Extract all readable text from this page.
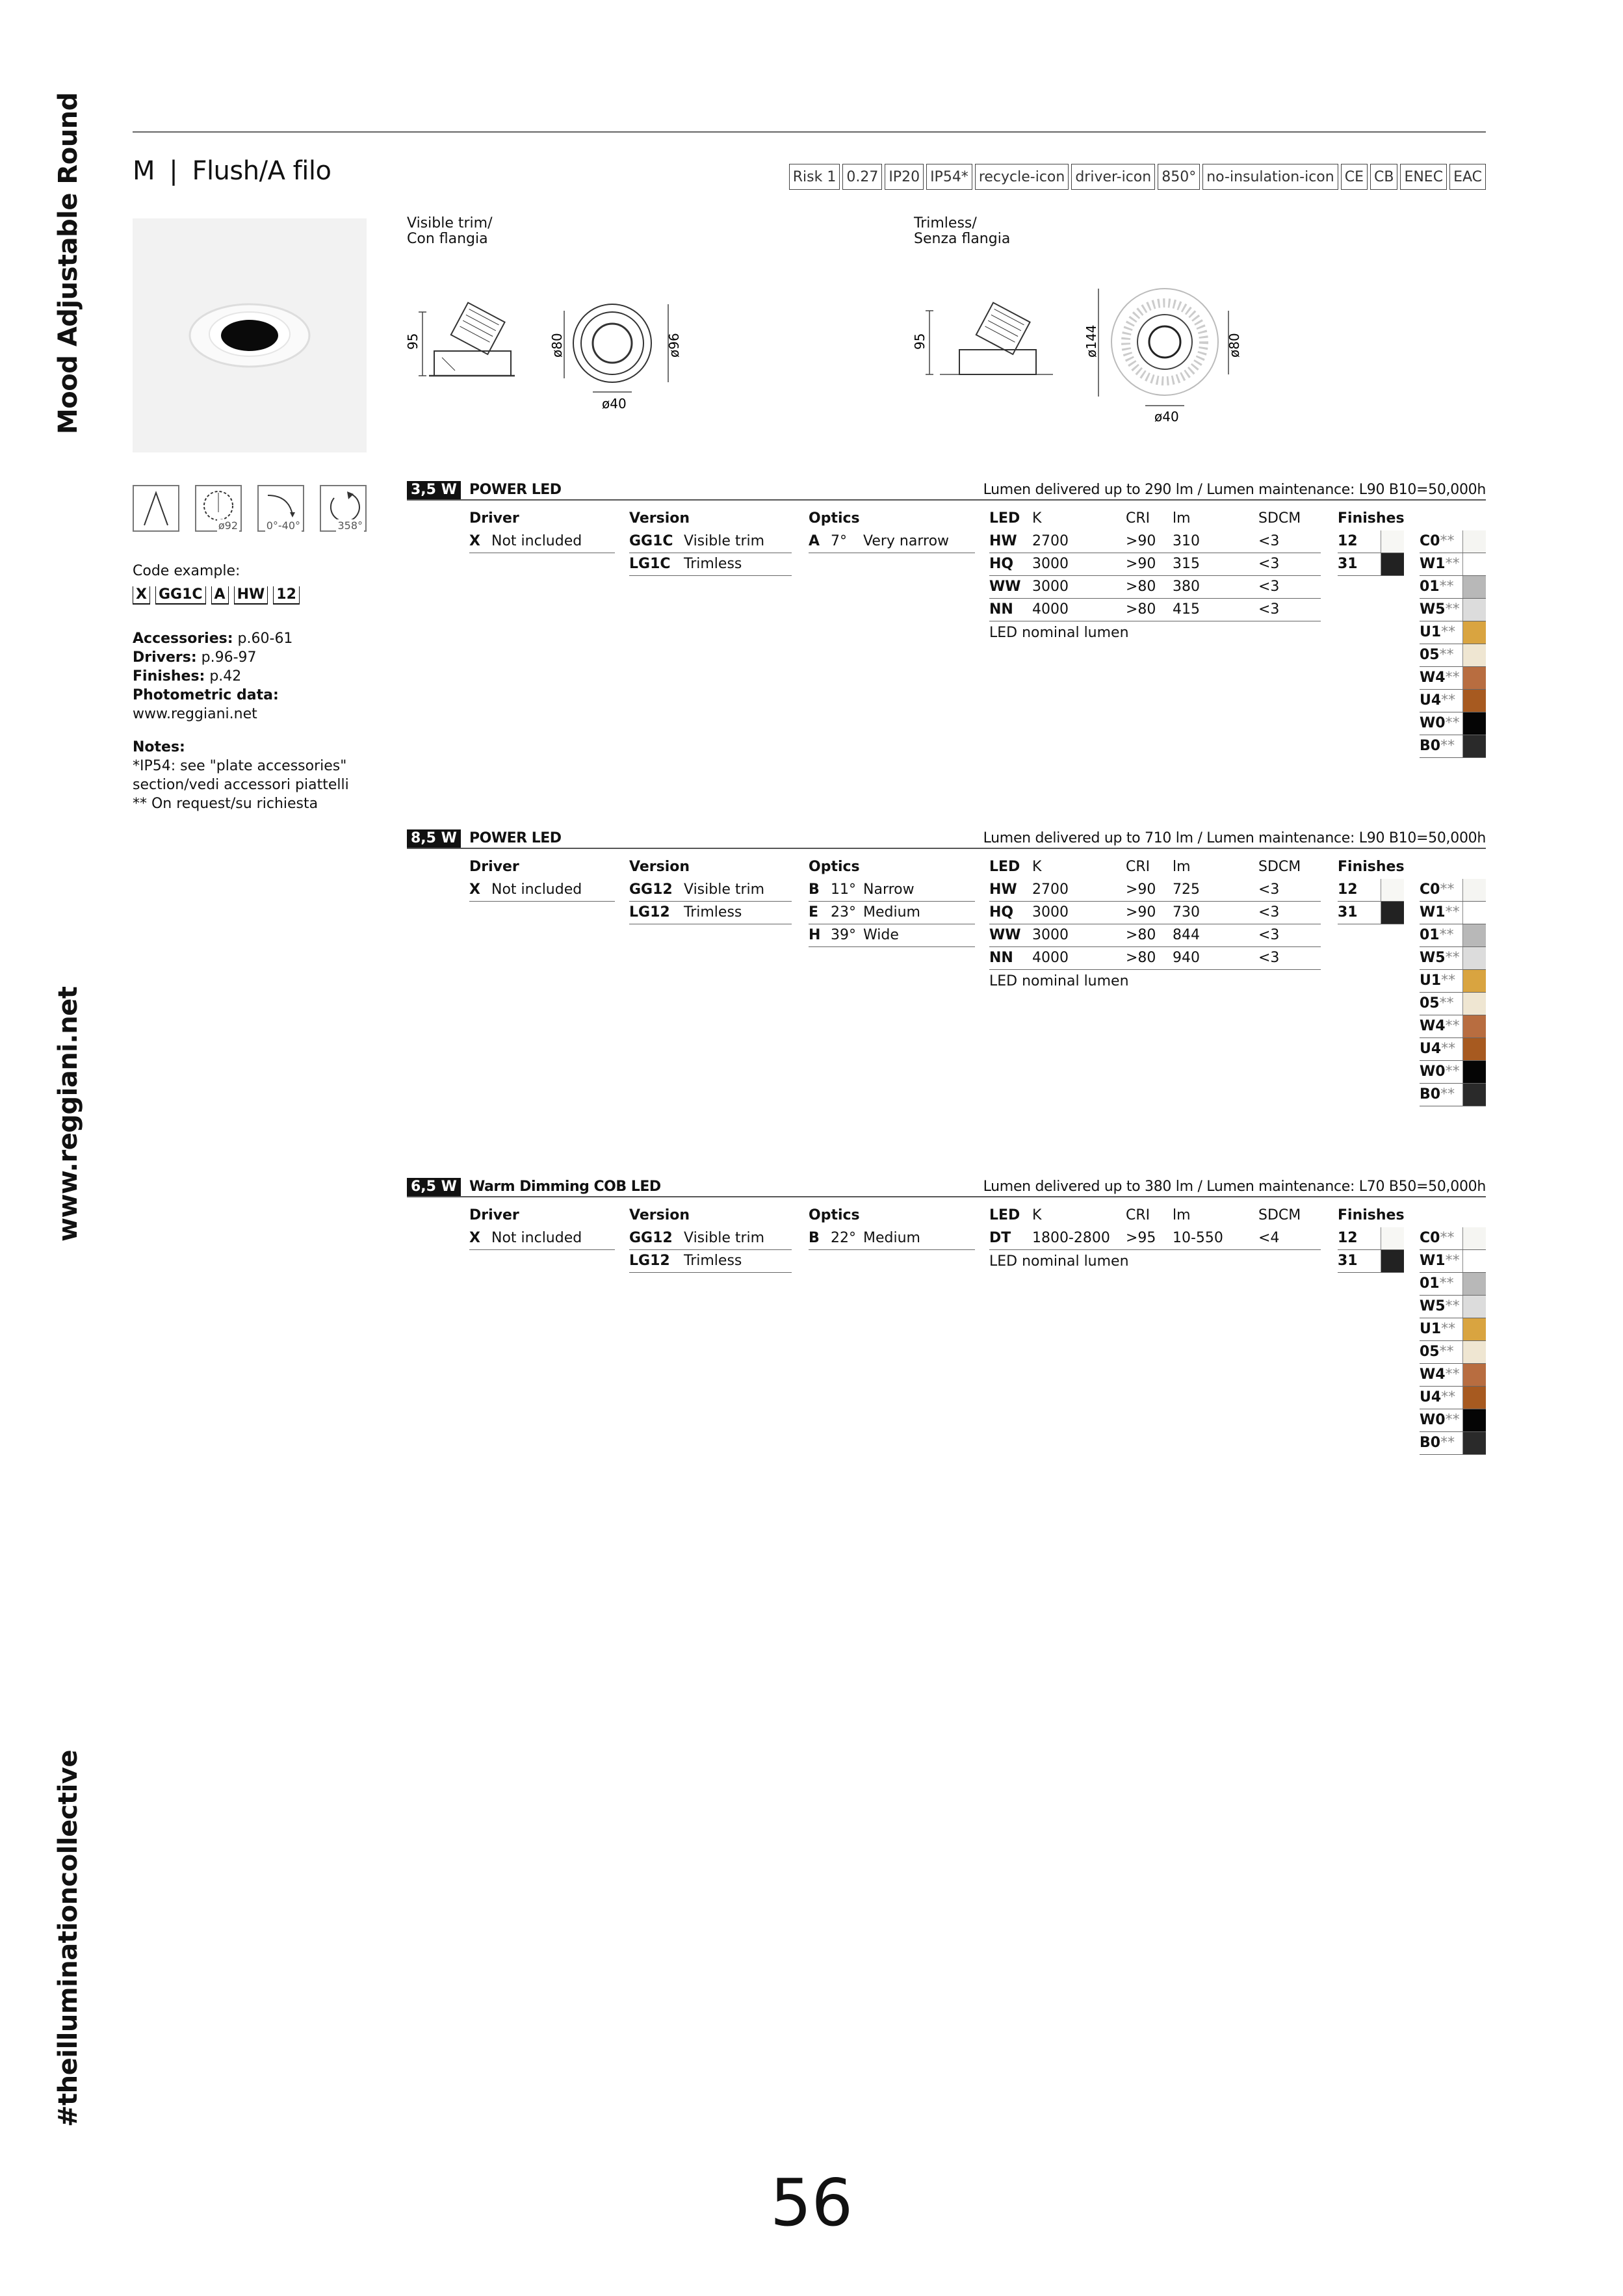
Mood Adjustable Round
www.reggiani.net
#theilluminationcollective
M | Flush/A filo	Risk 1 0.27 IP20 IP54* recycle-icon driver-icon 850° no-insulation-icon CE CB ENEC EAC
Visible trim/
Con flangia
Trimless/
Senza flangia
95	ø80	ø96
ø40
95	ø144	ø80
ø40
ø92	0°-40°	358°
Code example:
X GG1C A HW 12
Accessories: p.60-61
Drivers: p.96-97
Finishes: p.42
Photometric data:
www.reggiani.net
Notes:
*IP54: see "plate accessories"
section/vedi accessori piattelli
** On request/su richiesta
3,5 W POWER LED	Lumen delivered up to 290 lm / Lumen maintenance: L90 B10=50,000h
Driver
X Not included
Version
GG1C Visible trim
LG1C Trimless
Optics
A 7°	Very narrow
LED K	CRI	lm	SDCM
HW	2700	>90	310	<3
HQ	3000	>90	315	<3
WW 3000	>80	380	<3
NN	4000	>80	415	<3
LED nominal lumen
Finishes
12
31
C0**
W1**
01**
W5**
U1**
05**
W4**
U4**
W0**
B0**
8,5 W POWER LED	Lumen delivered up to 710 lm / Lumen maintenance: L90 B10=50,000h
Driver
X Not included
Version
GG12 Visible trim
LG12 Trimless
Optics
B 11° Narrow
E 23° Medium
H 39° Wide
LED K	CRI	lm	SDCM
HW	2700	>90	725	<3
HQ	3000	>90	730	<3
WW 3000	>80	844	<3
NN	4000	>80	940	<3
LED nominal lumen
Finishes
12
31
C0**
W1**
01**
W5**
U1**
05**
W4**
U4**
W0**
B0**
6,5 W Warm Dimming COB LED	Lumen delivered up to 380 lm / Lumen maintenance: L70 B50=50,000h
Driver
X Not included
Version
GG12 Visible trim
LG12 Trimless
Optics
B 22° Medium
LED K	CRI	lm	SDCM
DT	1800-2800	>95	10-550	<4
LED nominal lumen
Finishes
12
31
C0**
W1**
01**
W5**
U1**
05**
W4**
U4**
W0**
B0**
56
